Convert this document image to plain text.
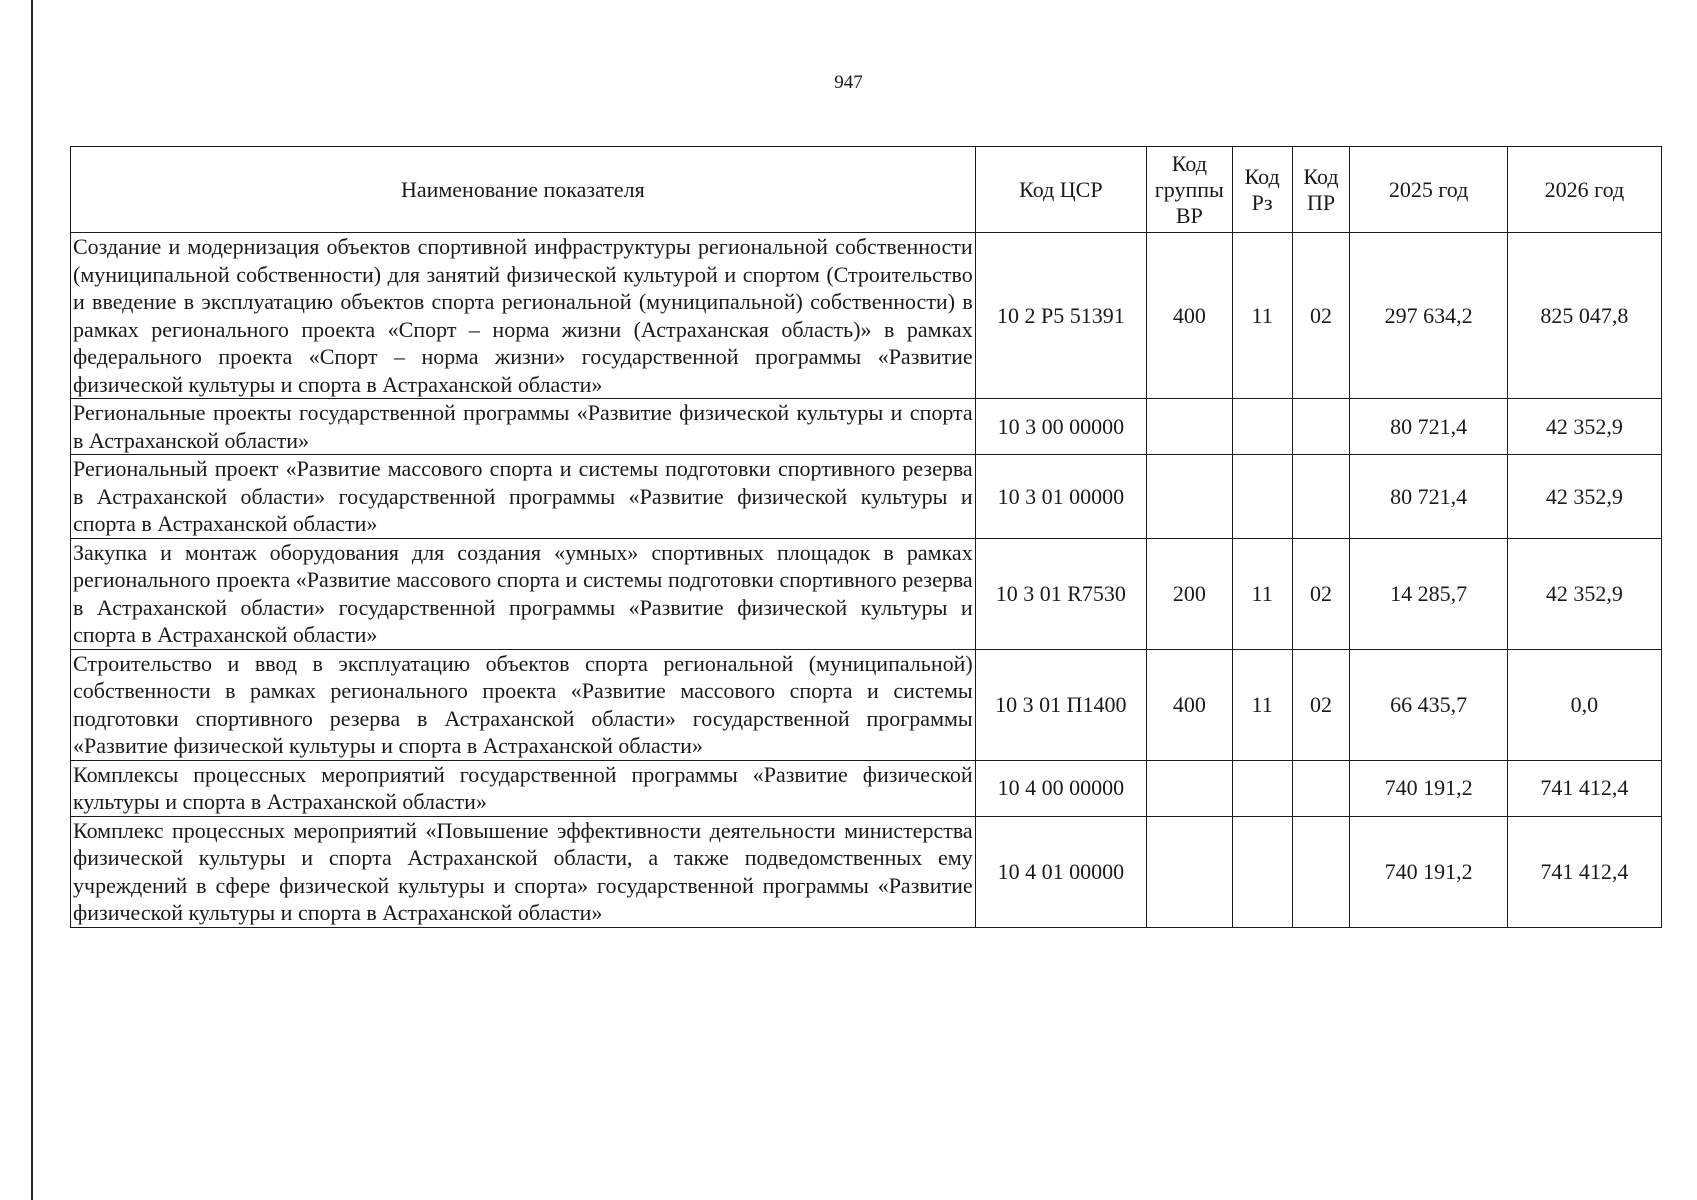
947
Наименование показателя	Код ЦСР	Код группы ВР	Код Рз	Код ПР	2025 год	2026 год
Создание и модернизация объектов спортивной инфраструктуры региональной собственности (муниципальной собственности) для занятий физической культурой и спортом (Строительство и введение в эксплуатацию объектов спорта региональной (муниципальной) собственности) в рамках регионального проекта «Спорт – норма жизни (Астраханская область)» в рамках федерального проекта «Спорт – норма жизни» государственной программы «Развитие физической культуры и спорта в Астраханской области»	10 2 Р5 51391	400	11	02	297 634,2	825 047,8
Региональные проекты государственной программы «Развитие физической культуры и спорта в Астраханской области»	10 3 00 00000				80 721,4	42 352,9
Региональный проект «Развитие массового спорта и системы подготовки спортивного резерва в Астраханской области» государственной программы «Развитие физической культуры и спорта в Астраханской области»	10 3 01 00000				80 721,4	42 352,9
Закупка и монтаж оборудования для создания «умных» спортивных площадок в рамках регионального проекта «Развитие массового спорта и системы подготовки спортивного резерва в Астраханской области» государственной программы «Развитие физической культуры и спорта в Астраханской области»	10 3 01 R7530	200	11	02	14 285,7	42 352,9
Строительство и ввод в эксплуатацию объектов спорта региональной (муниципальной) собственности в рамках регионального проекта «Развитие массового спорта и системы подготовки спортивного резерва в Астраханской области» государственной программы «Развитие физической культуры и спорта в Астраханской области»	10 3 01 П1400	400	11	02	66 435,7	0,0
Комплексы процессных мероприятий государственной программы «Развитие физической культуры и спорта в Астраханской области»	10 4 00 00000				740 191,2	741 412,4
Комплекс процессных мероприятий «Повышение эффективности деятельности министерства физической культуры и спорта Астраханской области, а также подведомственных ему учреждений в сфере физической культуры и спорта» государственной программы «Развитие физической культуры и спорта в Астраханской области»	10 4 01 00000				740 191,2	741 412,4
